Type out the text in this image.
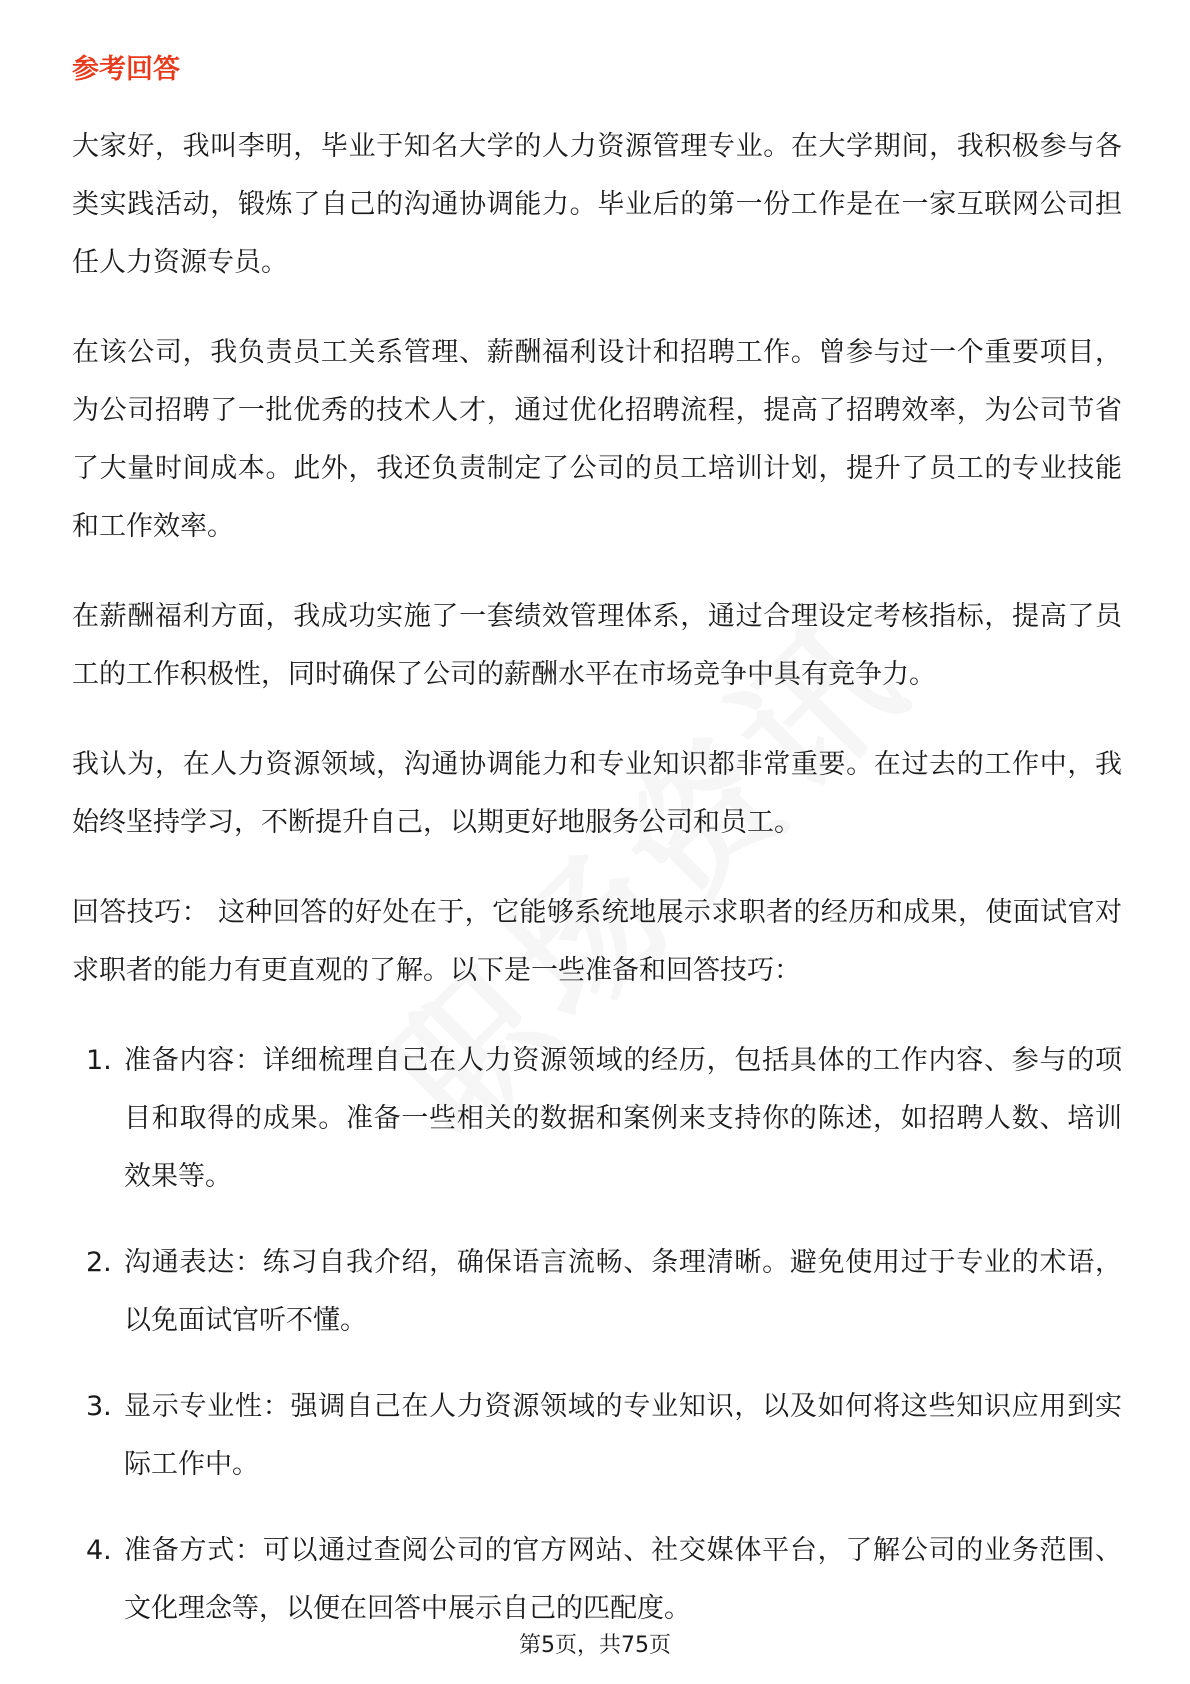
参考回答

大家好，我叫李明，毕业于知名大学的人力资源管理专业。在大学期间，我积极参与各类实践活动，锻炼了自己的沟通协调能力。毕业后的第一份工作是在一家互联网公司担任人力资源专员。

在该公司，我负责员工关系管理、薪酬福利设计和招聘工作。曾参与过一个重要项目，为公司招聘了一批优秀的技术人才，通过优化招聘流程，提高了招聘效率，为公司节省了大量时间成本。此外，我还负责制定了公司的员工培训计划，提升了员工的专业技能和工作效率。

在薪酬福利方面，我成功实施了一套绩效管理体系，通过合理设定考核指标，提高了员工的工作积极性，同时确保了公司的薪酬水平在市场竞争中具有竞争力。

我认为，在人力资源领域，沟通协调能力和专业知识都非常重要。在过去的工作中，我始终坚持学习，不断提升自己，以期更好地服务公司和员工。

回答技巧： 这种回答的好处在于，它能够系统地展示求职者的经历和成果，使面试官对求职者的能力有更直观的了解。以下是一些准备和回答技巧：

1. 准备内容：详细梳理自己在人力资源领域的经历，包括具体的工作内容、参与的项目和取得的成果。准备一些相关的数据和案例来支持你的陈述，如招聘人数、培训效果等。
2. 沟通表达：练习自我介绍，确保语言流畅、条理清晰。避免使用过于专业的术语，以免面试官听不懂。
3. 显示专业性：强调自己在人力资源领域的专业知识，以及如何将这些知识应用到实际工作中。
4. 准备方式：可以通过查阅公司的官方网站、社交媒体平台，了解公司的业务范围、文化理念等，以便在回答中展示自己的匹配度。
第5页，共75页
